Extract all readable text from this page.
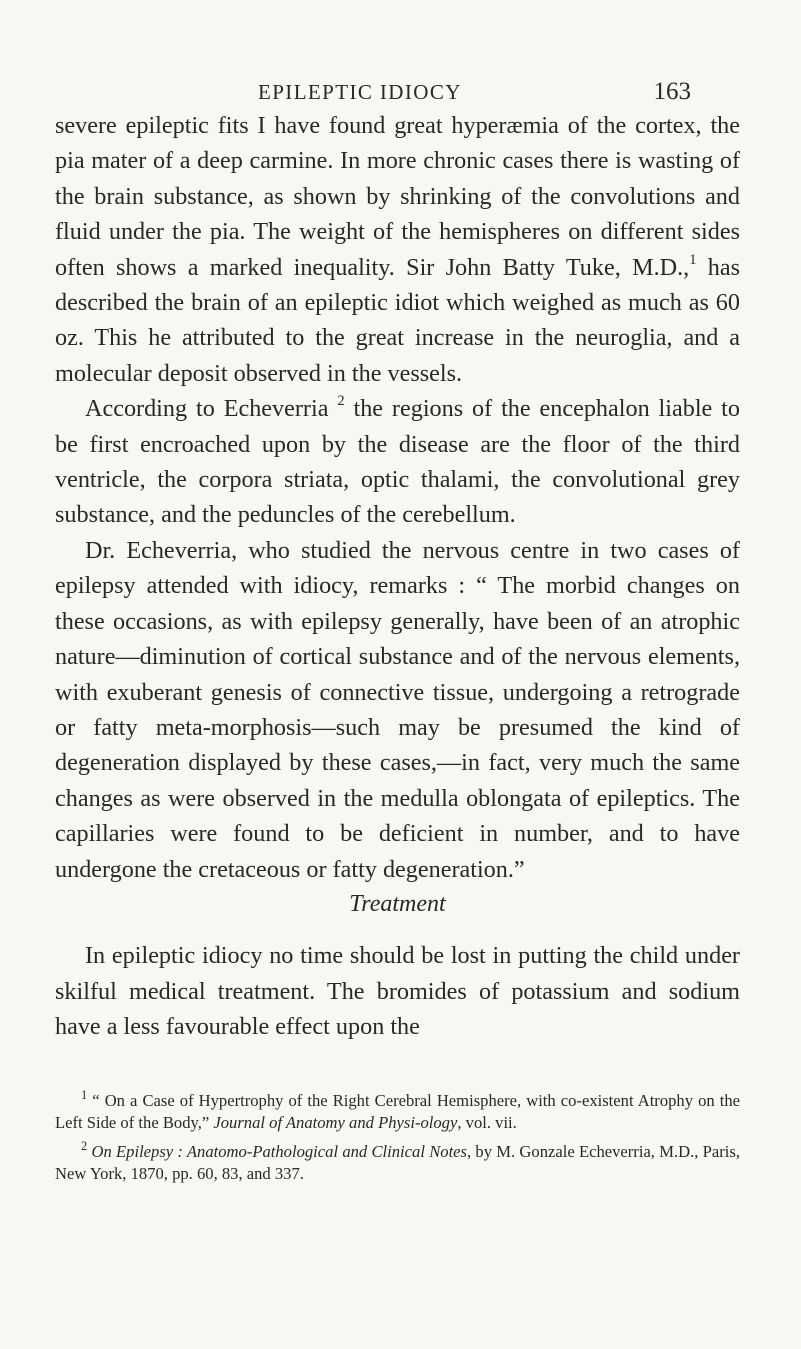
EPILEPTIC IDIOCY	163

severe epileptic fits I have found great hyperæmia of the cortex, the pia mater of a deep carmine. In more chronic cases there is wasting of the brain substance, as shown by shrinking of the convolutions and fluid under the pia. The weight of the hemispheres on different sides often shows a marked inequality. Sir John Batty Tuke, M.D.,$^1$ has described the brain of an epileptic idiot which weighed as much as 60 oz. This he attributed to the great increase in the neuroglia, and a molecular deposit observed in the vessels.

According to Echeverria $^2$ the regions of the encephalon liable to be first encroached upon by the disease are the floor of the third ventricle, the corpora striata, optic thalami, the convolutional grey substance, and the peduncles of the cerebellum.

Dr. Echeverria, who studied the nervous centre in two cases of epilepsy attended with idiocy, remarks : “ The morbid changes on these occasions, as with epilepsy generally, have been of an atrophic nature—diminution of cortical substance and of the nervous elements, with exuberant genesis of connective tissue, undergoing a retrograde or fatty meta-morphosis—such may be presumed the kind of degeneration displayed by these cases,—in fact, very much the same changes as were observed in the medulla oblongata of epileptics. The capillaries were found to be deficient in number, and to have undergone the cretaceous or fatty degeneration.”

Treatment

In epileptic idiocy no time should be lost in putting the child under skilful medical treatment. The bromides of potassium and sodium have a less favourable effect upon the

$^1$ “ On a Case of Hypertrophy of the Right Cerebral Hemisphere, with co-existent Atrophy on the Left Side of the Body,” Journal of Anatomy and Physi-ology, vol. vii.

$^2$ On Epilepsy : Anatomo-Pathological and Clinical Notes, by M. Gonzale Echeverria, M.D., Paris, New York, 1870, pp. 60, 83, and 337.
